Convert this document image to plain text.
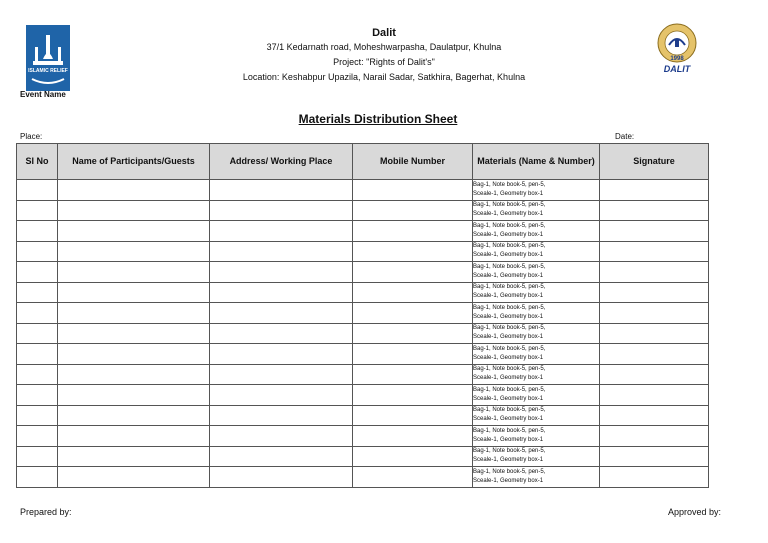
ISLAMIC RELIEF
Event Name
Dalit
37/1 Kedarnath road, Moheshwarpasha, Daulatpur, Khulna
Project: "Rights of Dalit's"
Location: Keshabpur Upazila, Narail Sadar, Satkhira, Bagerhat, Khulna
1998
DALIT
Materials Distribution Sheet
Place:	Date:
SI No	Name of Participants/Guests	Address/ Working Place	Mobile Number	Materials (Name & Number)	Signature

				Bag-1, Note book-5, pen-5,
Sceale-1, Geometry box-1	

				Bag-1, Note book-5, pen-5,
Sceale-1, Geometry box-1	

				Bag-1, Note book-5, pen-5,
Sceale-1, Geometry box-1	

				Bag-1, Note book-5, pen-5,
Sceale-1, Geometry box-1	

				Bag-1, Note book-5, pen-5,
Sceale-1, Geometry box-1	

				Bag-1, Note book-5, pen-5,
Sceale-1, Geometry box-1	

				Bag-1, Note book-5, pen-5,
Sceale-1, Geometry box-1	

				Bag-1, Note book-5, pen-5,
Sceale-1, Geometry box-1	

				Bag-1, Note book-5, pen-5,
Sceale-1, Geometry box-1	

				Bag-1, Note book-5, pen-5,
Sceale-1, Geometry box-1	

				Bag-1, Note book-5, pen-5,
Sceale-1, Geometry box-1	

				Bag-1, Note book-5, pen-5,
Sceale-1, Geometry box-1	

				Bag-1, Note book-5, pen-5,
Sceale-1, Geometry box-1	

				Bag-1, Note book-5, pen-5,
Sceale-1, Geometry box-1	

				Bag-1, Note book-5, pen-5,
Sceale-1, Geometry box-1	

Prepared by:	Approved by:
